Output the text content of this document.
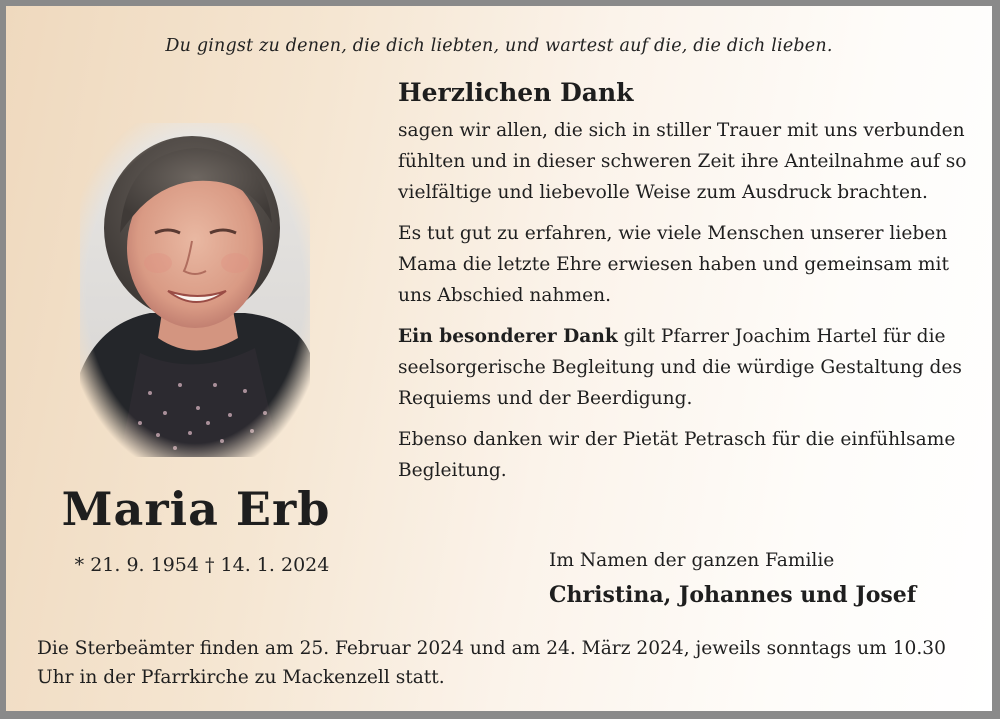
Du gingst zu denen, die dich liebten, und wartest auf die, die dich lieben.
Maria Erb
* 21. 9. 1954 † 14. 1. 2024
Herzlichen Dank

sagen wir allen, die sich in stiller Trauer mit uns verbunden fühlten und in dieser schweren Zeit ihre Anteilnahme auf so vielfältige und liebevolle Weise zum Ausdruck brachten.

Es tut gut zu erfahren, wie viele Menschen unserer lieben Mama die letzte Ehre erwiesen haben und gemeinsam mit uns Abschied nahmen.

Ein besonderer Dank gilt Pfarrer Joachim Hartel für die seelsorgerische Begleitung und die würdige Gestaltung des Requiems und der Beerdigung.

Ebenso danken wir der Pietät Petrasch für die einfühlsame Begleitung.

Im Namen der ganzen Familie
Christina, Johannes und Josef
Die Sterbeämter finden am 25. Februar 2024 und am 24. März 2024, jeweils sonntags um 10.30 Uhr in der Pfarrkirche zu Mackenzell statt.
